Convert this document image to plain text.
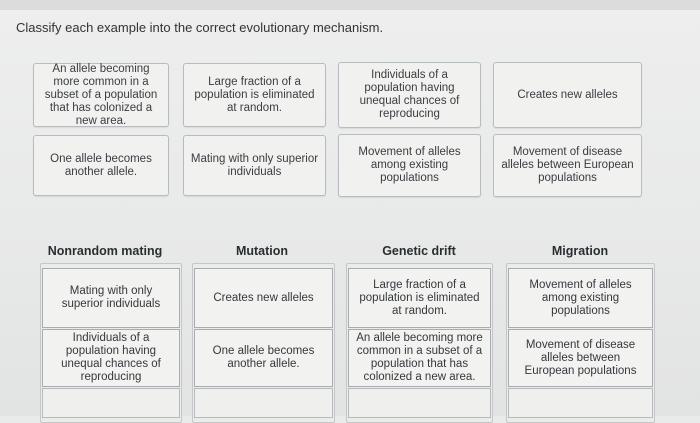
Classify each example into the correct evolutionary mechanism.
An allele becoming more common in a subset of a population that has colonized a new area.
Large fraction of a population is eliminated at random.
Individuals of a population having unequal chances of reproducing
Creates new alleles
One allele becomes another allele.
Mating with only superior individuals
Movement of alleles among existing populations
Movement of disease alleles between European populations
Nonrandom mating	Mutation	Genetic drift	Migration
Mating with only superior individuals
Individuals of a population having unequal chances of reproducing
Creates new alleles
One allele becomes another allele.
Large fraction of a population is eliminated at random.
An allele becoming more common in a subset of a population that has colonized a new area.
Movement of alleles among existing populations
Movement of disease alleles between European populations
